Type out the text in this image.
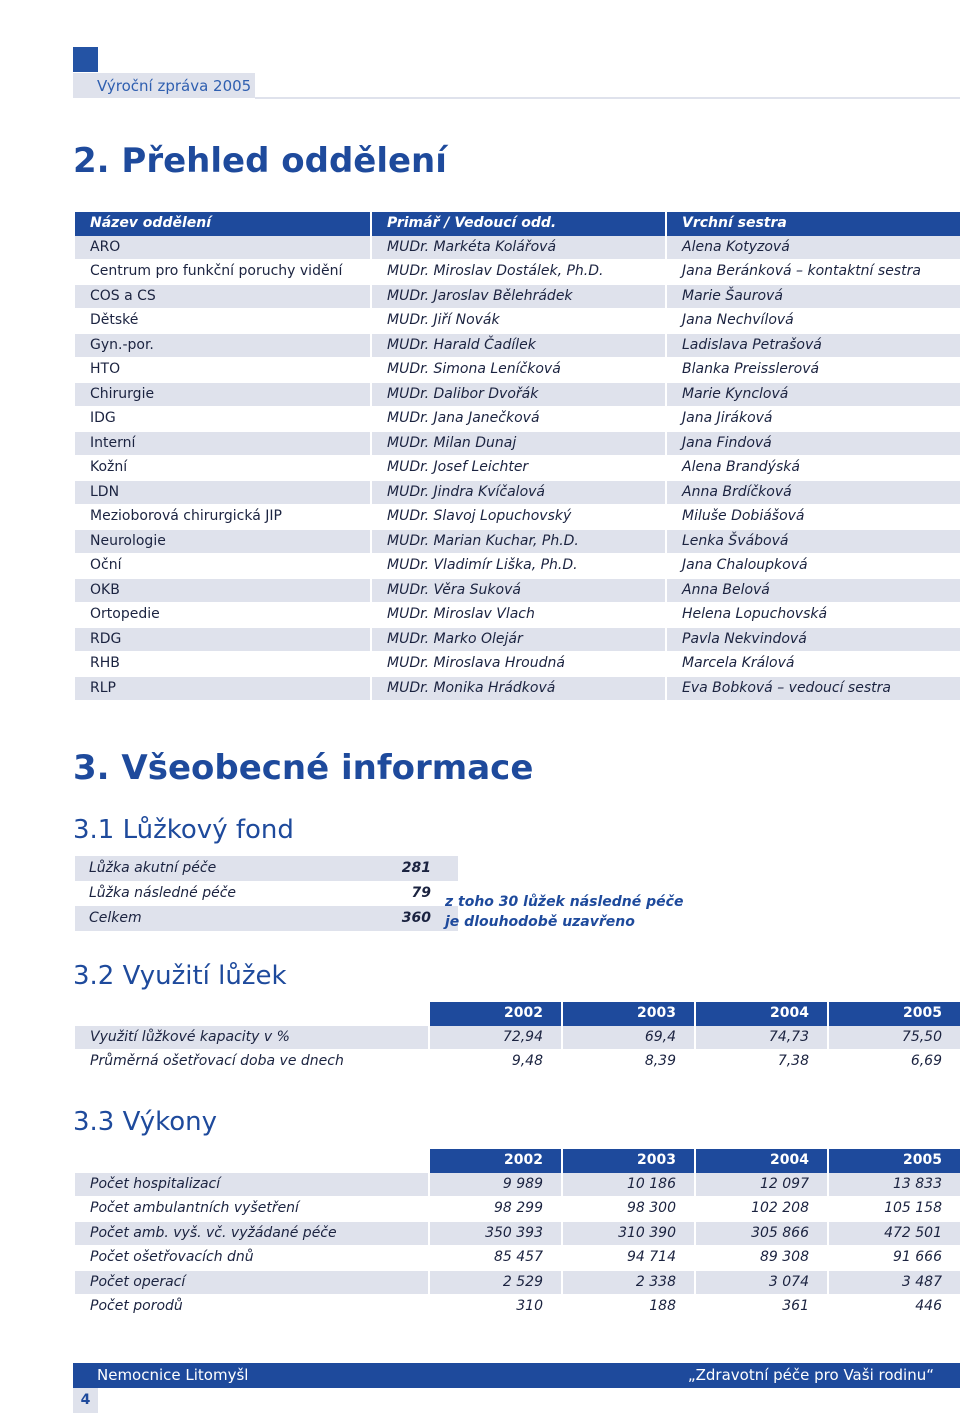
Výroční zpráva 2005
2. Přehled oddělení
Název oddělení	Primář / Vedoucí odd.	Vrchní sestra
ARO	MUDr. Markéta Kolářová	Alena Kotyzová
Centrum pro funkční poruchy vidění	MUDr. Miroslav Dostálek, Ph.D.	Jana Beránková – kontaktní sestra
COS a CS	MUDr. Jaroslav Bělehrádek	Marie Šaurová
Dětské	MUDr. Jiří Novák	Jana Nechvílová
Gyn.-por.	MUDr. Harald Čadílek	Ladislava Petrašová
HTO	MUDr. Simona Leníčková	Blanka Preisslerová
Chirurgie	MUDr. Dalibor Dvořák	Marie Kynclová
IDG	MUDr. Jana Janečková	Jana Jiráková
Interní	MUDr. Milan Dunaj	Jana Findová
Kožní	MUDr. Josef Leichter	Alena Brandýská
LDN	MUDr. Jindra Kvíčalová	Anna Brdíčková
Mezioborová chirurgická JIP	MUDr. Slavoj Lopuchovský	Miluše Dobiášová
Neurologie	MUDr. Marian Kuchar, Ph.D.	Lenka Švábová
Oční	MUDr. Vladimír Liška, Ph.D.	Jana Chaloupková
OKB	MUDr. Věra Suková	Anna Belová
Ortopedie	MUDr. Miroslav Vlach	Helena Lopuchovská
RDG	MUDr. Marko Olejár	Pavla Nekvindová
RHB	MUDr. Miroslava Hroudná	Marcela Králová
RLP	MUDr. Monika Hrádková	Eva Bobková – vedoucí sestra
3. Všeobecné informace
3.1 Lůžkový fond
Lůžka akutní péče	281
Lůžka následné péče	79
Celkem	360
z toho 30 lůžek následné péče
je dlouhodobě uzavřeno
3.2 Využití lůžek
	2002	2003	2004	2005
Využití lůžkové kapacity v %	72,94	69,4	74,73	75,50
Průměrná ošetřovací doba ve dnech	9,48	8,39	7,38	6,69
3.3 Výkony
	2002	2003	2004	2005
Počet hospitalizací	9 989	10 186	12 097	13 833
Počet ambulantních vyšetření	98 299	98 300	102 208	105 158
Počet amb. vyš. vč. vyžádané péče	350 393	310 390	305 866	472 501
Počet ošetřovacích dnů	85 457	94 714	89 308	91 666
Počet operací	2 529	2 338	3 074	3 487
Počet porodů	310	188	361	446
Nemocnice Litomyšl	„Zdravotní péče pro Vaši rodinu“
4
